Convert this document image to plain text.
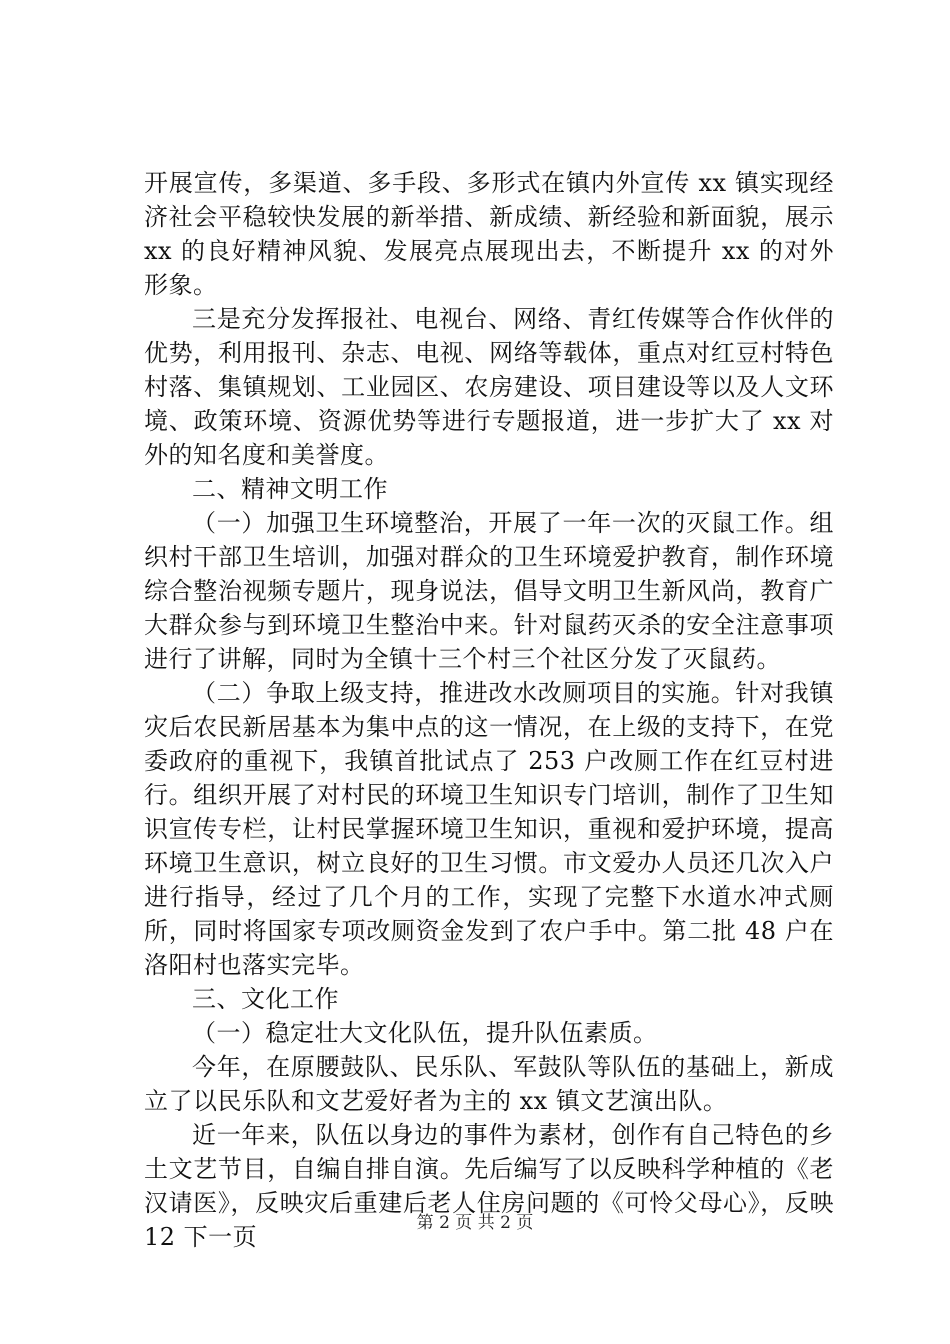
开展宣传，多渠道、多手段、多形式在镇内外宣传 xx 镇实现经济社会平稳较快发展的新举措、新成绩、新经验和新面貌，展示 xx 的良好精神风貌、发展亮点展现出去，不断提升 xx 的对外形象。

三是充分发挥报社、电视台、网络、青红传媒等合作伙伴的优势，利用报刊、杂志、电视、网络等载体，重点对红豆村特色村落、集镇规划、工业园区、农房建设、项目建设等以及人文环境、政策环境、资源优势等进行专题报道，进一步扩大了 xx 对外的知名度和美誉度。

二、精神文明工作

（一）加强卫生环境整治，开展了一年一次的灭鼠工作。组织村干部卫生培训，加强对群众的卫生环境爱护教育，制作环境综合整治视频专题片，现身说法，倡导文明卫生新风尚，教育广大群众参与到环境卫生整治中来。针对鼠药灭杀的安全注意事项进行了讲解，同时为全镇十三个村三个社区分发了灭鼠药。

（二）争取上级支持，推进改水改厕项目的实施。针对我镇灾后农民新居基本为集中点的这一情况，在上级的支持下，在党委政府的重视下，我镇首批试点了 253 户改厕工作在红豆村进行。组织开展了对村民的环境卫生知识专门培训，制作了卫生知识宣传专栏，让村民掌握环境卫生知识，重视和爱护环境，提高环境卫生意识，树立良好的卫生习惯。市文爱办人员还几次入户进行指导，经过了几个月的工作，实现了完整下水道水冲式厕所，同时将国家专项改厕资金发到了农户手中。第二批 48 户在洛阳村也落实完毕。

三、文化工作

（一）稳定壮大文化队伍，提升队伍素质。

今年，在原腰鼓队、民乐队、军鼓队等队伍的基础上，新成立了以民乐队和文艺爱好者为主的 xx 镇文艺演出队。

近一年来，队伍以身边的事件为素材，创作有自己特色的乡土文艺节目，自编自排自演。先后编写了以反映科学种植的《老汉请医》，反映灾后重建后老人住房问题的《可怜父母心》，反映 12 下一页	第 2 页 共 2 页
